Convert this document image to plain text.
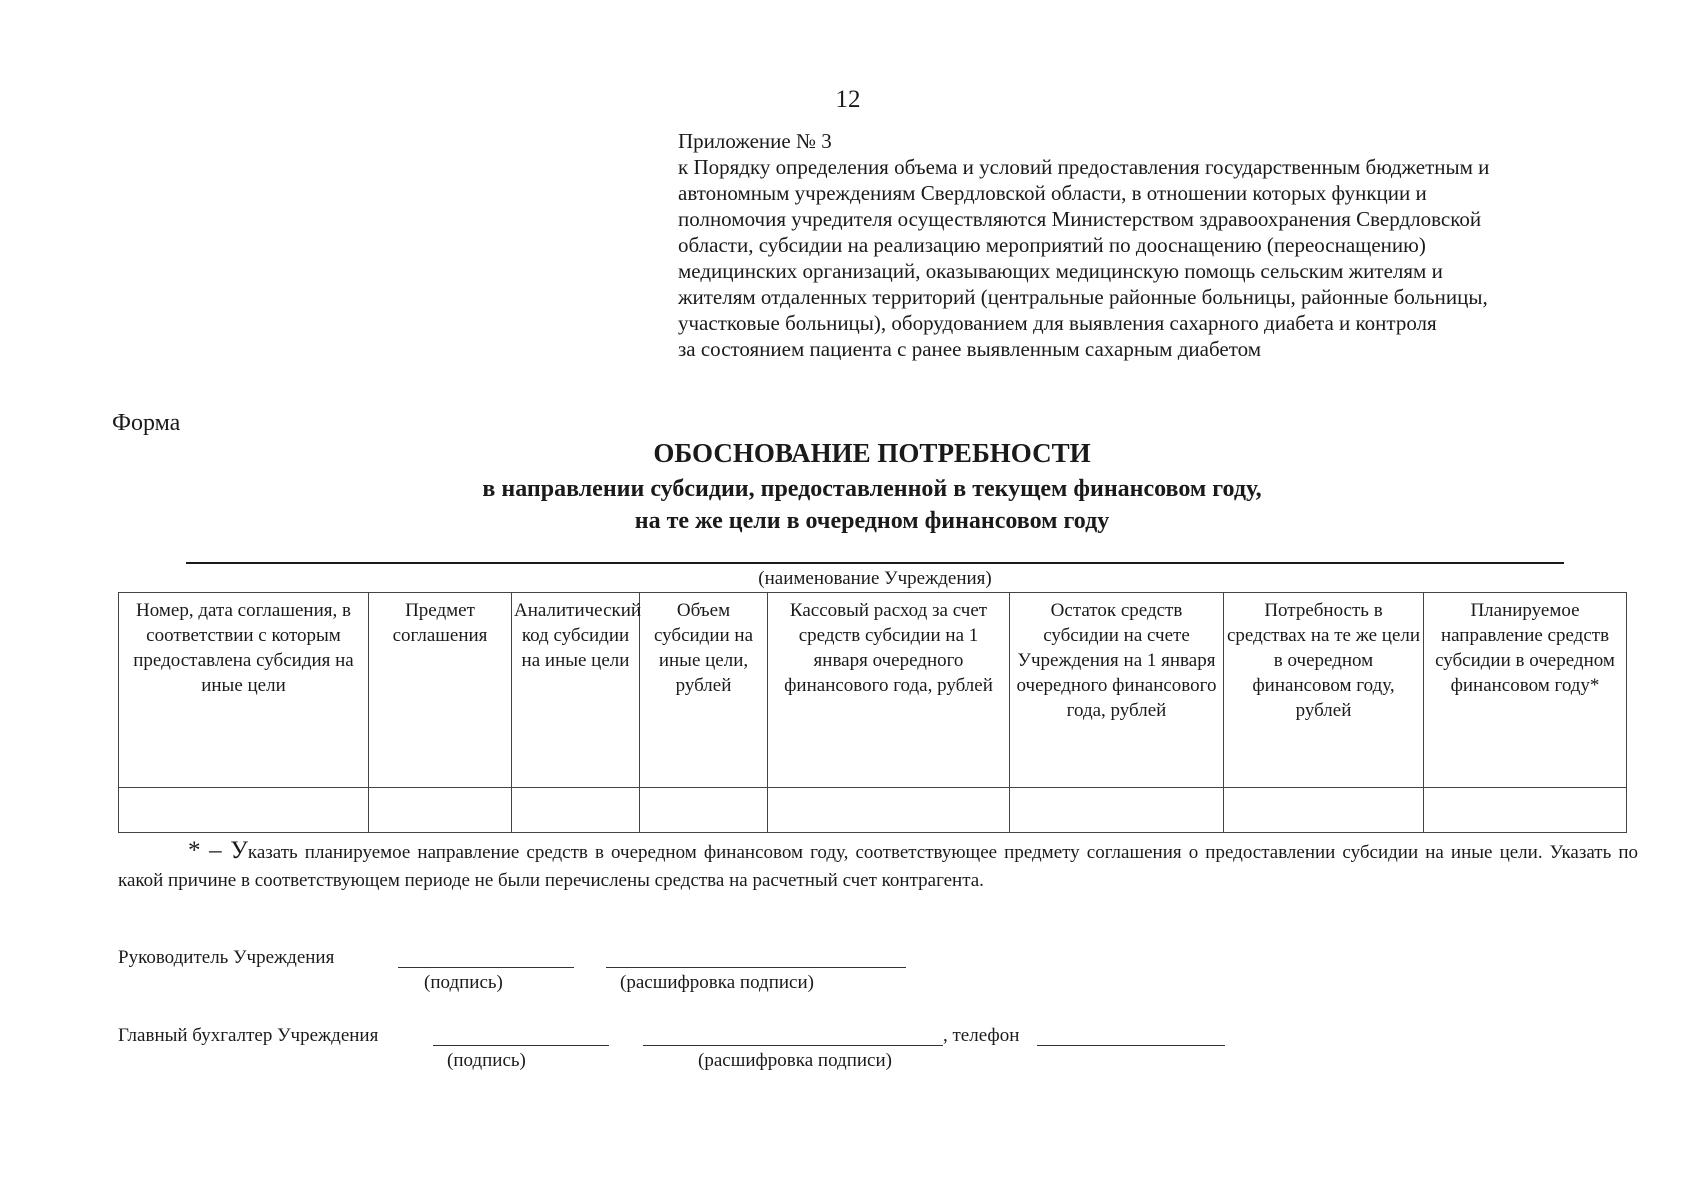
12
Приложение № 3
к Порядку определения объема и условий предоставления государственным бюджетным и
автономным учреждениям Свердловской области, в отношении которых функции и
полномочия учредителя осуществляются Министерством здравоохранения Свердловской
области, субсидии на реализацию мероприятий по дооснащению (переоснащению)
медицинских организаций, оказывающих медицинскую помощь сельским жителям и
жителям отдаленных территорий (центральные районные больницы, районные больницы,
участковые больницы), оборудованием для выявления сахарного диабета и контроля
за состоянием пациента с ранее выявленным сахарным диабетом
Форма
ОБОСНОВАНИЕ ПОТРЕБНОСТИ
в направлении субсидии, предоставленной в текущем финансовом году,
на те же цели в очередном финансовом году
(наименование Учреждения)
Номер, дата соглашения, в соответствии с которым предоставлена субсидия на иные цели	Предмет соглашения	Аналитический код субсидии на иные цели	Объем субсидии на иные цели, рублей	Кассовый расход за счет средств субсидии на 1 января очередного финансового года, рублей	Остаток средств субсидии на счете Учреждения на 1 января очередного финансового года, рублей	Потребность в средствах на те же цели в очередном финансовом году, рублей	Планируемое направление средств субсидии в очередном финансовом году*

* – Указать планируемое направление средств в очередном финансовом году, соответствующее предмету соглашения о предоставлении субсидии на иные цели. Указать по какой причине в соответствующем периоде не были перечислены средства на расчетный счет контрагента.
Руководитель Учреждения
(подпись)	(расшифровка подписи)
Главный бухгалтер Учреждения	, телефон
(подпись)	(расшифровка подписи)
